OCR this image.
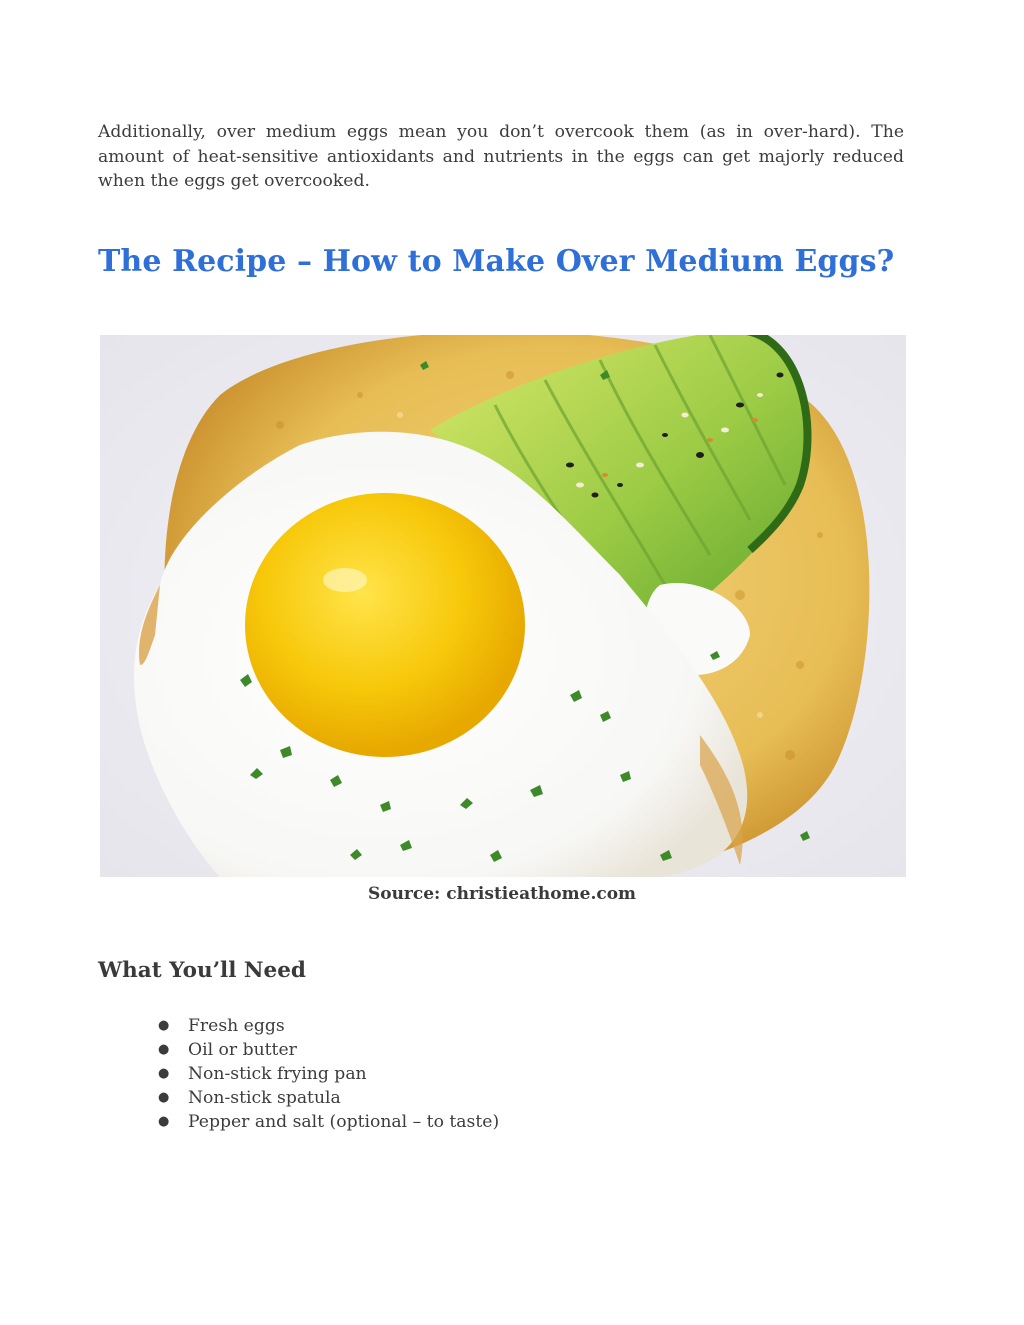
Additionally, over medium eggs mean you don’t overcook them (as in over-hard). The amount of heat-sensitive antioxidants and nutrients in the eggs can get majorly reduced when the eggs get overcooked.

The Recipe – How to Make Over Medium Eggs?

Source: christieathome.com

What You’ll Need
● Fresh eggs
● Oil or butter
● Non-stick frying pan
● Non-stick spatula
● Pepper and salt (optional – to taste)
